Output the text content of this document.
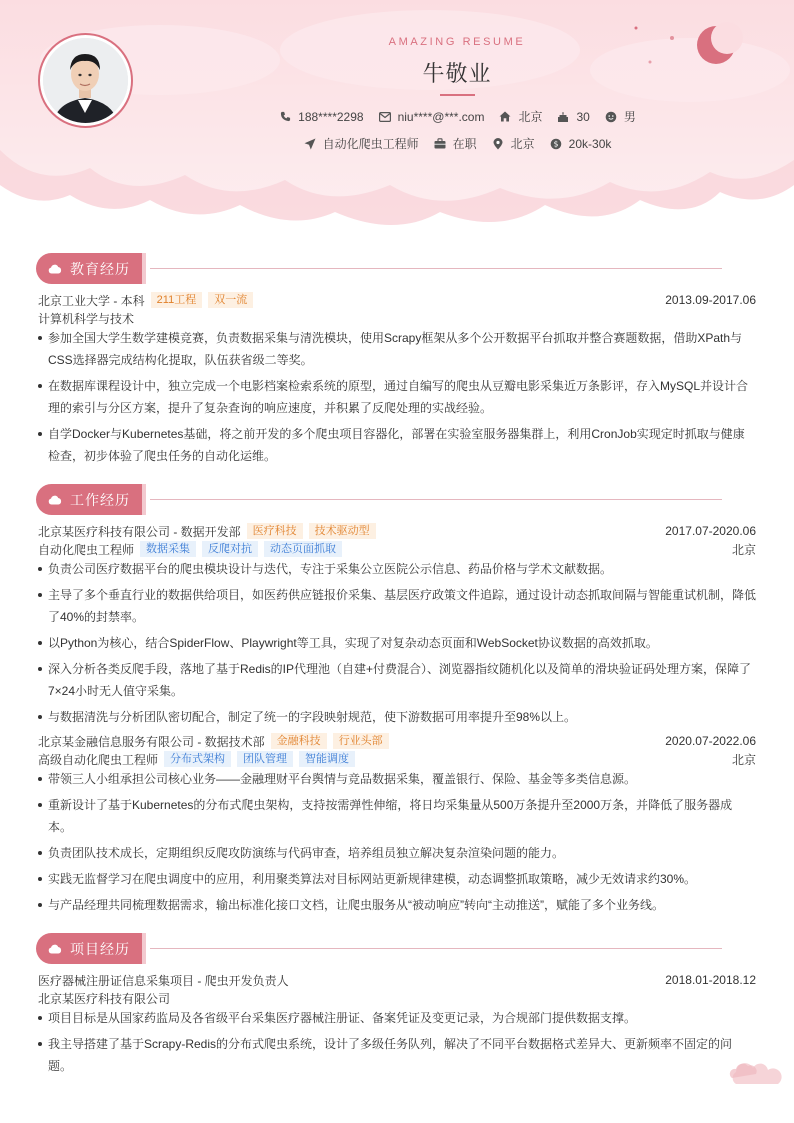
AMAZING RESUME
牛敬业
188****2298	niu****@***.com	北京	30	男
自动化爬虫工程师	在职	北京 $ 20k-30k
教育经历
北京工业大学 - 本科	211工程	双一流	2013.09-2017.06
计算机科学与技术
参加全国大学生数学建模竞赛，负责数据采集与清洗模块，使用Scrapy框架从多个公开数据平台抓取并整合赛题数据，借助XPath与CSS选择器完成结构化提取，队伍获省级二等奖。
在数据库课程设计中，独立完成一个电影档案检索系统的原型，通过自编写的爬虫从豆瓣电影采集近万条影评，存入MySQL并设计合理的索引与分区方案，提升了复杂查询的响应速度，并积累了反爬处理的实战经验。
自学Docker与Kubernetes基础，将之前开发的多个爬虫项目容器化，部署在实验室服务器集群上，利用CronJob实现定时抓取与健康检查，初步体验了爬虫任务的自动化运维。
工作经历
北京某医疗科技有限公司 - 数据开发部	医疗科技	技术驱动型	2017.07-2020.06
自动化爬虫工程师	数据采集	反爬对抗	动态页面抓取	北京
负责公司医疗数据平台的爬虫模块设计与迭代，专注于采集公立医院公示信息、药品价格与学术文献数据。
主导了多个垂直行业的数据供给项目，如医药供应链报价采集、基层医疗政策文件追踪，通过设计动态抓取间隔与智能重试机制，降低了40%的封禁率。
以Python为核心，结合SpiderFlow、Playwright等工具，实现了对复杂动态页面和WebSocket协议数据的高效抓取。
深入分析各类反爬手段，落地了基于Redis的IP代理池（自建+付费混合）、浏览器指纹随机化以及简单的滑块验证码处理方案，保障了7×24小时无人值守采集。
与数据清洗与分析团队密切配合，制定了统一的字段映射规范，使下游数据可用率提升至98%以上。
北京某金融信息服务有限公司 - 数据技术部	金融科技	行业头部	2020.07-2022.06
高级自动化爬虫工程师	分布式架构	团队管理	智能调度	北京
带领三人小组承担公司核心业务——金融理财平台舆情与竞品数据采集，覆盖银行、保险、基金等多类信息源。
重新设计了基于Kubernetes的分布式爬虫架构，支持按需弹性伸缩，将日均采集量从500万条提升至2000万条，并降低了服务器成本。
负责团队技术成长，定期组织反爬攻防演练与代码审查，培养组员独立解决复杂渲染问题的能力。
实践无监督学习在爬虫调度中的应用，利用聚类算法对目标网站更新规律建模，动态调整抓取策略，减少无效请求约30%。
与产品经理共同梳理数据需求，输出标准化接口文档，让爬虫服务从“被动响应”转向“主动推送”，赋能了多个业务线。
项目经历
医疗器械注册证信息采集项目 - 爬虫开发负责人	2018.01-2018.12
北京某医疗科技有限公司
项目目标是从国家药监局及各省级平台采集医疗器械注册证、备案凭证及变更记录，为合规部门提供数据支撑。
我主导搭建了基于Scrapy-Redis的分布式爬虫系统，设计了多级任务队列，解决了不同平台数据格式差异大、更新频率不固定的问题。
